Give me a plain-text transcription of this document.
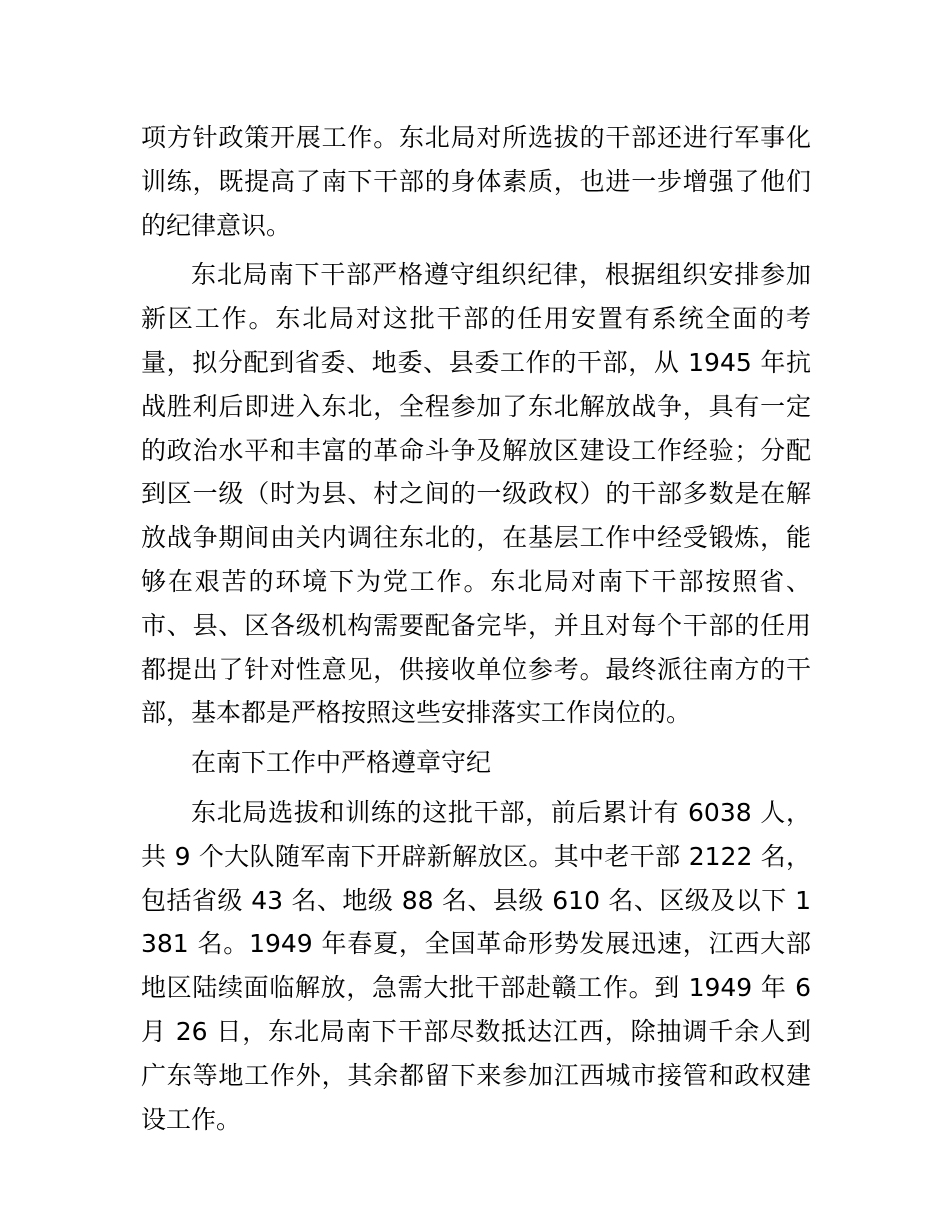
项方针政策开展工作。东北局对所选拔的干部还进行军事化训练，既提高了南下干部的身体素质，也进一步增强了他们的纪律意识。

东北局南下干部严格遵守组织纪律，根据组织安排参加新区工作。东北局对这批干部的任用安置有系统全面的考量，拟分配到省委、地委、县委工作的干部，从 1945 年抗战胜利后即进入东北，全程参加了东北解放战争，具有一定的政治水平和丰富的革命斗争及解放区建设工作经验；分配到区一级（时为县、村之间的一级政权）的干部多数是在解放战争期间由关内调往东北的，在基层工作中经受锻炼，能够在艰苦的环境下为党工作。东北局对南下干部按照省、市、县、区各级机构需要配备完毕，并且对每个干部的任用都提出了针对性意见，供接收单位参考。最终派往南方的干部，基本都是严格按照这些安排落实工作岗位的。

在南下工作中严格遵章守纪

东北局选拔和训练的这批干部，前后累计有 6038 人，共 9 个大队随军南下开辟新解放区。其中老干部 2122 名，包括省级 43 名、地级 88 名、县级 610 名、区级及以下 1381 名。1949 年春夏，全国革命形势发展迅速，江西大部地区陆续面临解放，急需大批干部赴赣工作。到 1949 年 6 月 26 日，东北局南下干部尽数抵达江西，除抽调千余人到广东等地工作外，其余都留下来参加江西城市接管和政权建设工作。
